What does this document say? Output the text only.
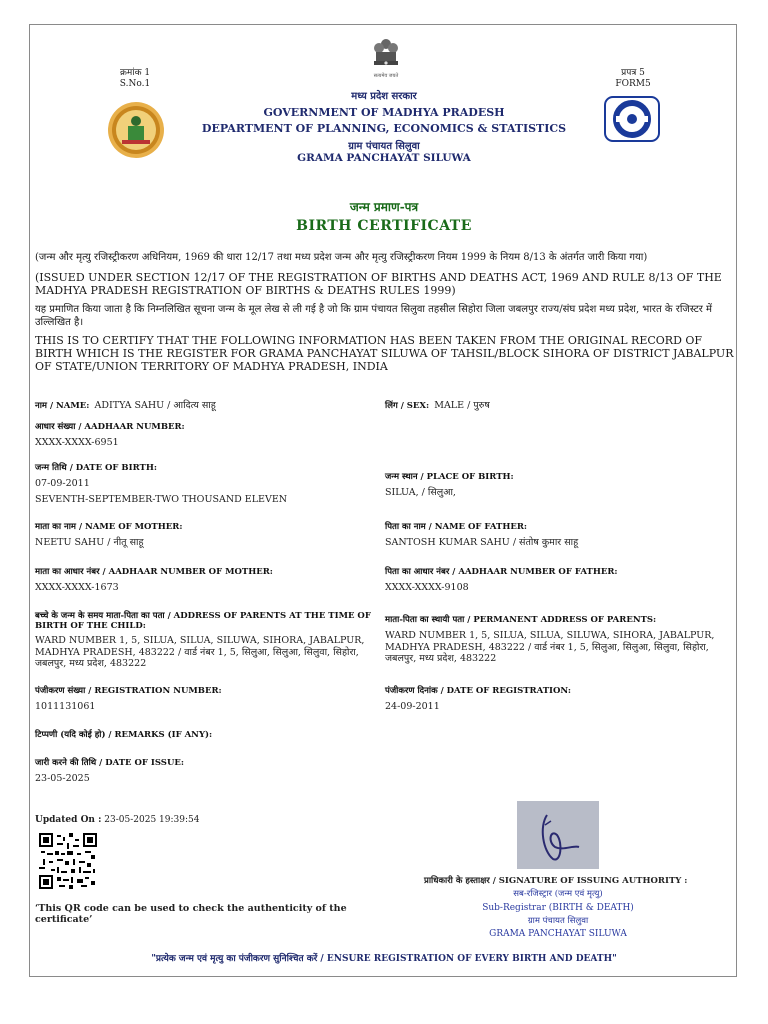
क्रमांक 1
S.No.1
प्रपत्र 5
FORM5
सत्यमेव जयते
मध्य प्रदेश सरकार
GOVERNMENT OF MADHYA PRADESH
DEPARTMENT OF PLANNING, ECONOMICS & STATISTICS
ग्राम पंचायत सिलुवा
GRAMA PANCHAYAT SILUWA
जन्म प्रमाण-पत्र
BIRTH CERTIFICATE
(जन्म और मृत्यु रजिस्ट्रीकरण अधिनियम, 1969 की धारा 12/17 तथा मध्य प्रदेश जन्म और मृत्यु रजिस्ट्रीकरण नियम 1999 के नियम 8/13 के अंतर्गत जारी किया गया)
(ISSUED UNDER SECTION 12/17 OF THE REGISTRATION OF BIRTHS AND DEATHS ACT, 1969 AND RULE 8/13 OF THE MADHYA PRADESH REGISTRATION OF BIRTHS & DEATHS RULES 1999)
यह प्रमाणित किया जाता है कि निम्नलिखित सूचना जन्म के मूल लेख से ली गई है जो कि ग्राम पंचायत सिलुवा तहसील सिहोरा जिला जबलपुर राज्य/संघ प्रदेश मध्य प्रदेश, भारत के रजिस्टर में उल्लिखित है।
THIS IS TO CERTIFY THAT THE FOLLOWING INFORMATION HAS BEEN TAKEN FROM THE ORIGINAL RECORD OF BIRTH WHICH IS THE REGISTER FOR GRAMA PANCHAYAT SILUWA OF TAHSIL/BLOCK SIHORA OF DISTRICT JABALPUR OF STATE/UNION TERRITORY OF MADHYA PRADESH, INDIA
नाम / NAME: ADITYA SAHU / आदित्य साहू	लिंग / SEX: MALE / पुरुष
आधार संख्या / AADHAAR NUMBER:
XXXX-XXXX-6951
जन्म तिथि / DATE OF BIRTH:
07-09-2011
SEVENTH-SEPTEMBER-TWO THOUSAND ELEVEN
जन्म स्थान / PLACE OF BIRTH:
SILUA, / सिलुआ,
माता का नाम / NAME OF MOTHER:
NEETU SAHU / नीतू साहू
पिता का नाम / NAME OF FATHER:
SANTOSH KUMAR SAHU / संतोष कुमार साहू
माता का आधार नंबर / AADHAAR NUMBER OF MOTHER:
XXXX-XXXX-1673
पिता का आधार नंबर / AADHAAR NUMBER OF FATHER:
XXXX-XXXX-9108
बच्चे के जन्म के समय माता-पिता का पता / ADDRESS OF PARENTS AT THE TIME OF BIRTH OF THE CHILD:
WARD NUMBER 1, 5, SILUA, SILUA, SILUWA, SIHORA, JABALPUR, MADHYA PRADESH, 483222 / वार्ड नंबर 1, 5, सिलुआ, सिलुआ, सिलुवा, सिहोरा, जबलपुर, मध्य प्रदेश, 483222
माता-पिता का स्थायी पता / PERMANENT ADDRESS OF PARENTS:
WARD NUMBER 1, 5, SILUA, SILUA, SILUWA, SIHORA, JABALPUR, MADHYA PRADESH, 483222 / वार्ड नंबर 1, 5, सिलुआ, सिलुआ, सिलुवा, सिहोरा, जबलपुर, मध्य प्रदेश, 483222
पंजीकरण संख्या / REGISTRATION NUMBER:
1011131061
पंजीकरण दिनांक / DATE OF REGISTRATION:
24-09-2011
टिप्पणी (यदि कोई हो) / REMARKS (IF ANY):
जारी करने की तिथि / DATE OF ISSUE:
23-05-2025
Updated On : 23-05-2025 19:39:54
‘This QR code can be used to check the authenticity of the certificate’
प्राधिकारी के हस्ताक्षर / SIGNATURE OF ISSUING AUTHORITY :
सब-रजिस्ट्रार (जन्म एवं मृत्यु)
Sub-Registrar (BIRTH & DEATH)
ग्राम पंचायत सिलुवा
GRAMA PANCHAYAT SILUWA
"प्रत्येक जन्म एवं मृत्यु का पंजीकरण सुनिश्चित करें / ENSURE REGISTRATION OF EVERY BIRTH AND DEATH"
